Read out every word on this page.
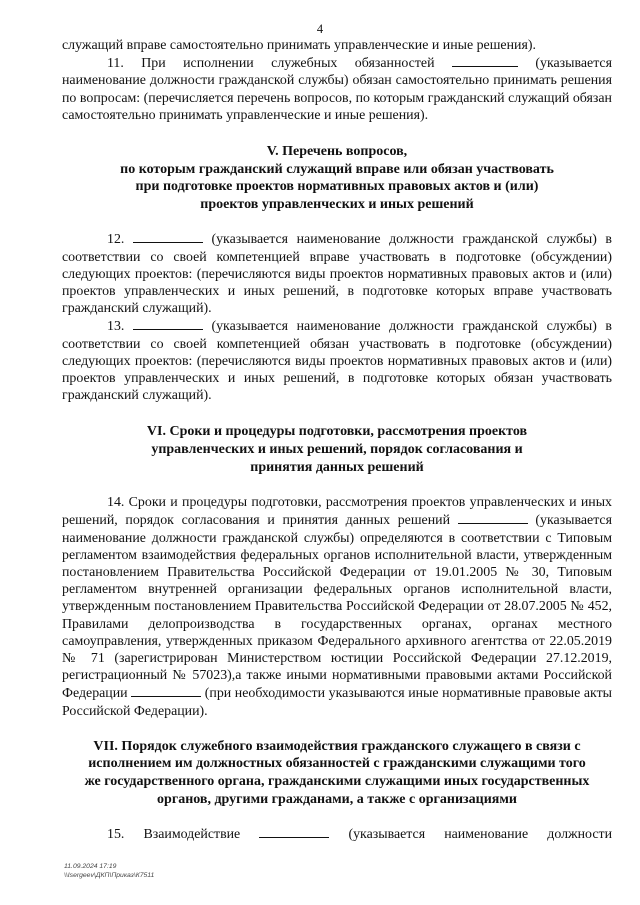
4

служащий вправе самостоятельно принимать управленческие и иные решения).

11. При исполнении служебных обязанностей	(указывается наименование должности гражданской службы) обязан самостоятельно принимать решения по вопросам: (перечисляется перечень вопросов, по которым гражданский служащий обязан самостоятельно принимать управленческие и иные решения).

V. Перечень вопросов,

по которым гражданский служащий вправе или обязан участвовать

при подготовке проектов нормативных правовых актов и (или)

проектов управленческих и иных решений

12.	(указывается наименование должности гражданской службы) в соответствии со своей компетенцией вправе участвовать в подготовке (обсуждении) следующих проектов: (перечисляются виды проектов нормативных правовых актов и (или) проектов управленческих и иных решений, в подготовке которых вправе участвовать гражданский служащий).

13.	(указывается наименование должности гражданской службы) в соответствии со своей компетенцией обязан участвовать в подготовке (обсуждении) следующих проектов: (перечисляются виды проектов нормативных правовых актов и (или) проектов управленческих и иных решений, в подготовке которых обязан участвовать гражданский служащий).

VI. Сроки и процедуры подготовки, рассмотрения проектов

управленческих и иных решений, порядок согласования и

принятия данных решений

14. Сроки и процедуры подготовки, рассмотрения проектов управленческих и иных решений, порядок согласования и принятия данных решений	(указывается наименование должности гражданской службы) определяются в соответствии с Типовым регламентом взаимодействия федеральных органов исполнительной власти, утвержденным постановлением Правительства Российской Федерации от 19.01.2005 № 30, Типовым регламентом внутренней организации федеральных органов исполнительной власти, утвержденным постановлением Правительства Российской Федерации от 28.07.2005 № 452, Правилами делопроизводства в государственных органах, органах местного самоуправления, утвержденных приказом Федерального архивного агентства от 22.05.2019 № 71 (зарегистрирован Министерством юстиции Российской Федерации 27.12.2019, регистрационный № 57023),а также иными нормативными правовыми актами Российской Федерации	(при необходимости указываются иные нормативные правовые акты Российской Федерации).

VII. Порядок служебного взаимодействия гражданского служащего в связи с

исполнением им должностных обязанностей с гражданскими служащими того

же государственного органа, гражданскими служащими иных государственных

органов, другими гражданами, а также с организациями

15. Взаимодействие	(указывается наименование должности

11.09.2024 17:19
\\Isergeev\ДКП\Приказ\К7511
